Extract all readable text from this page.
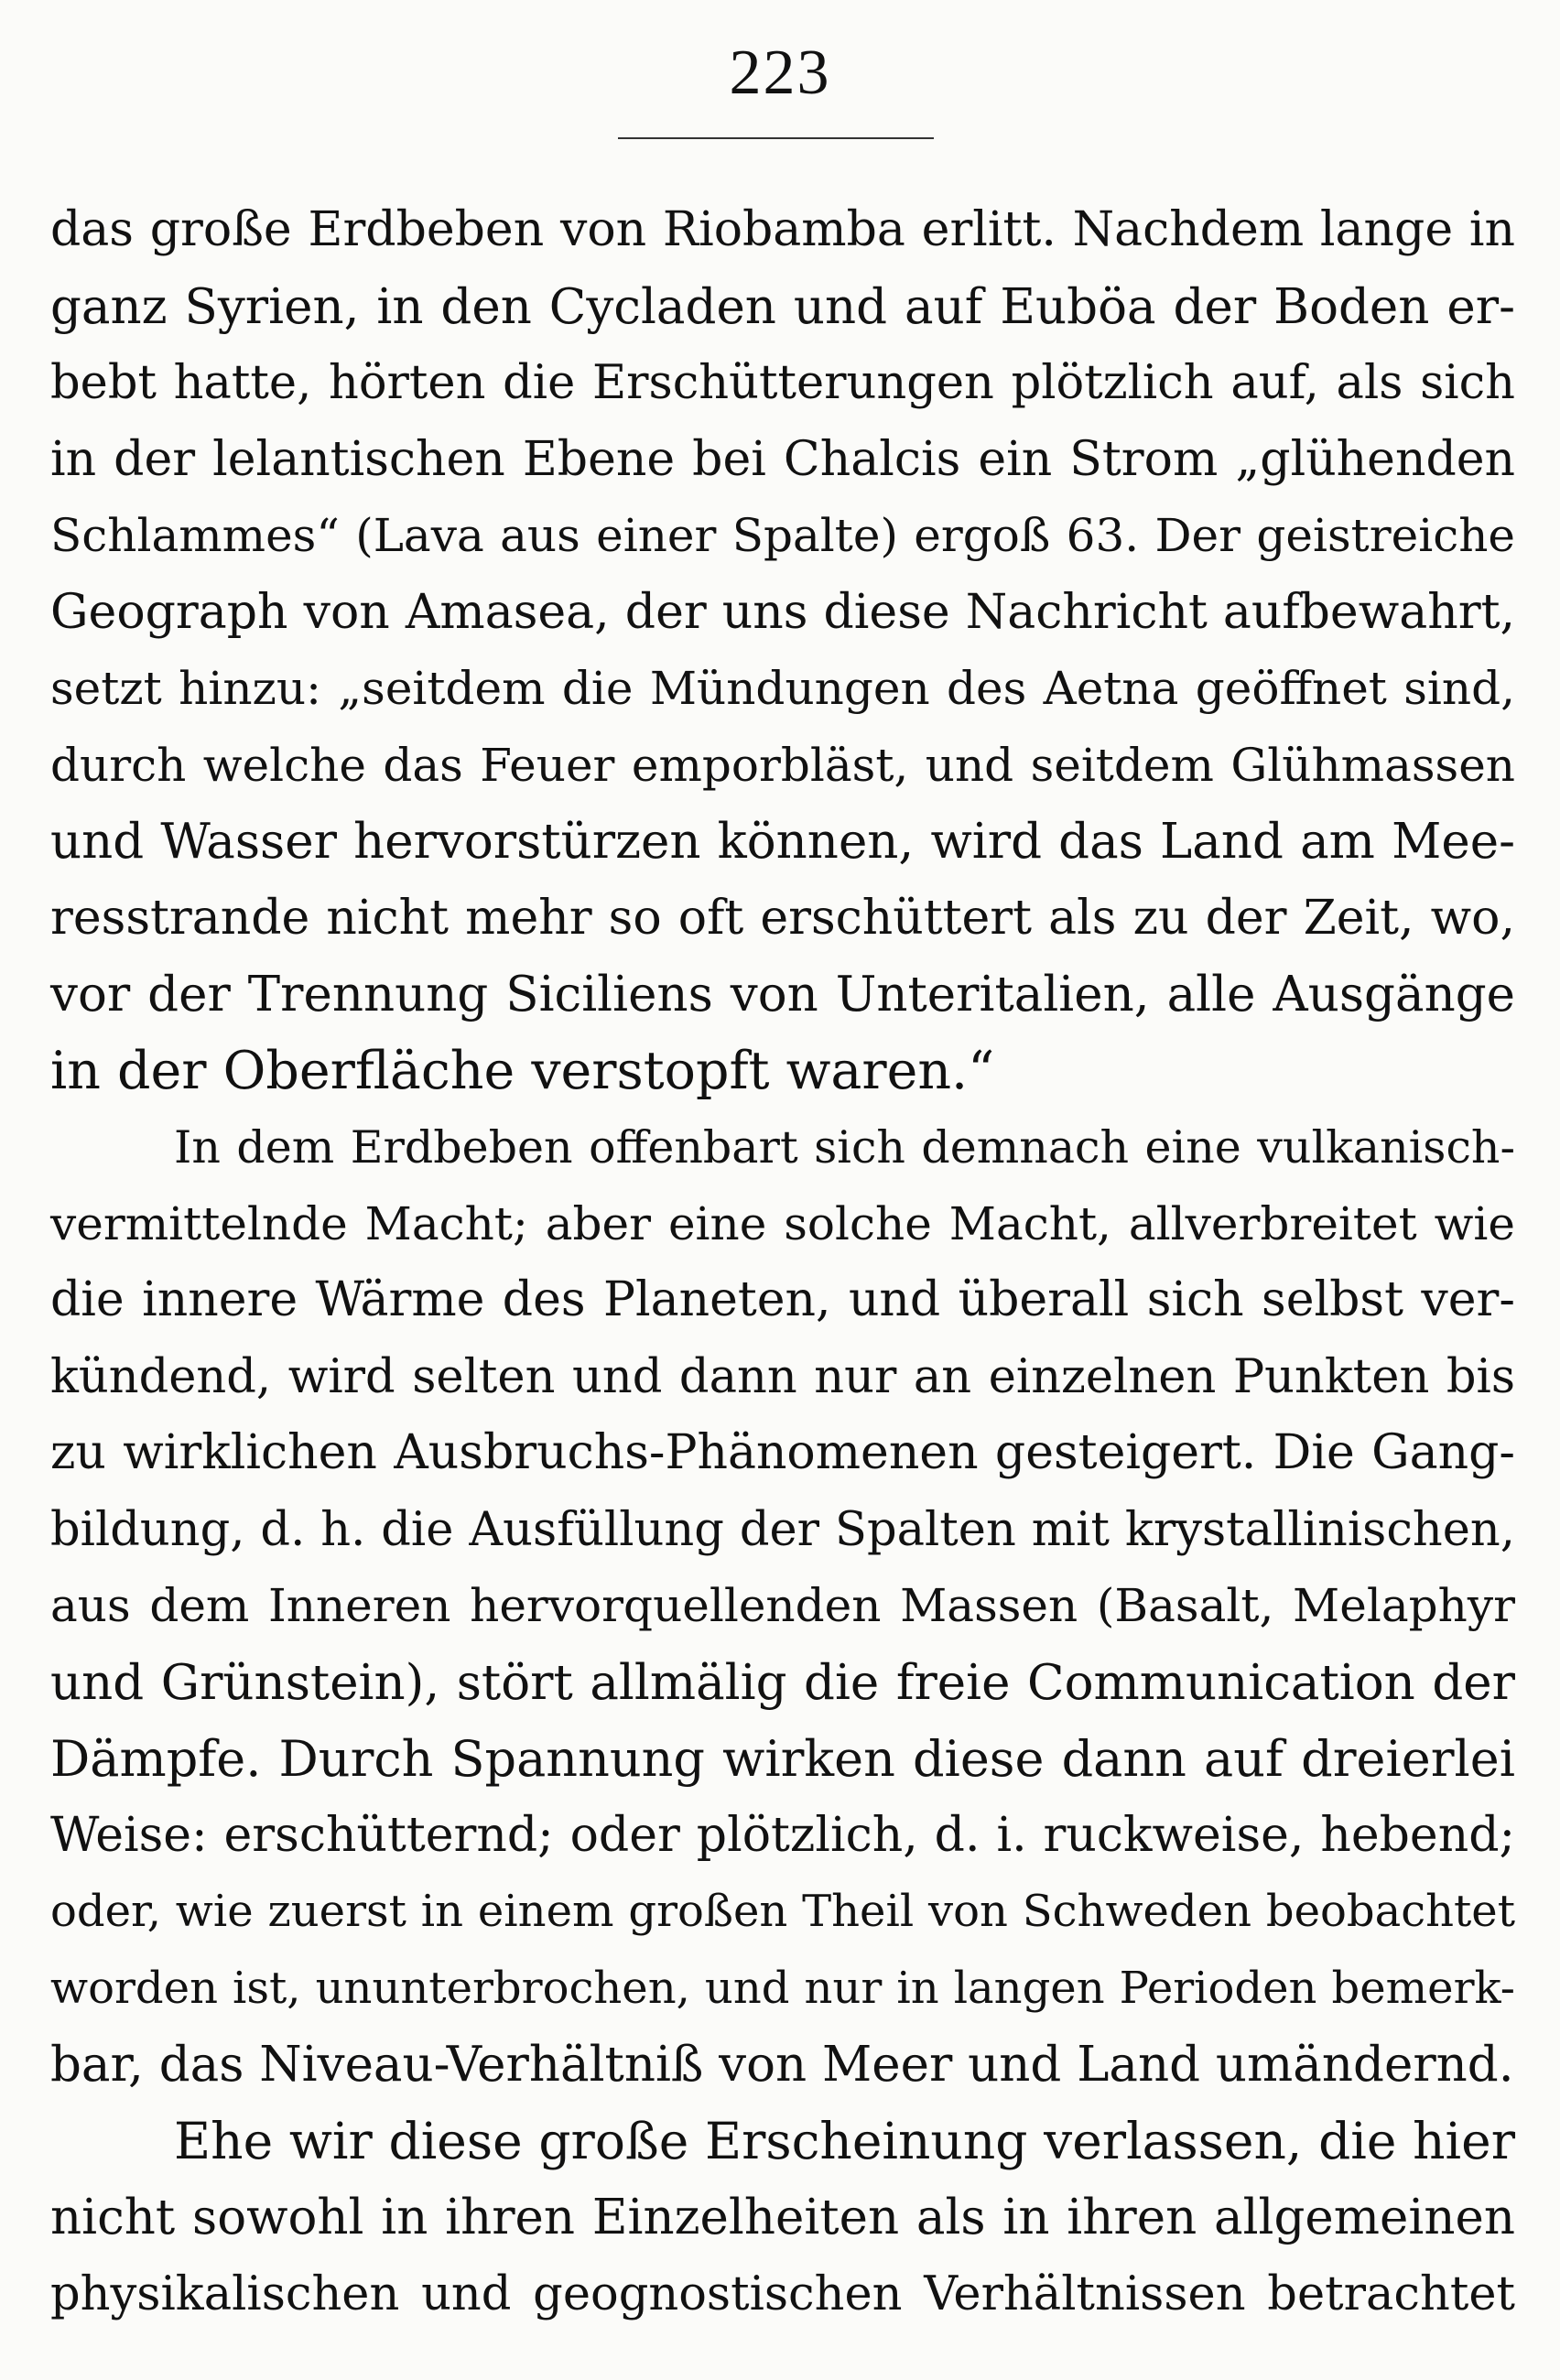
223
das große Erdbeben von Riobamba erlitt. Nachdem lange in
ganz Syrien, in den Cycladen und auf Euböa der Boden er-
bebt hatte, hörten die Erschütterungen plötzlich auf, als sich
in der lelantischen Ebene bei Chalcis ein Strom „glühenden
Schlammes“ (Lava aus einer Spalte) ergoß 63. Der geistreiche
Geograph von Amasea, der uns diese Nachricht aufbewahrt,
setzt hinzu: „seitdem die Mündungen des Aetna geöffnet sind,
durch welche das Feuer emporbläst, und seitdem Glühmassen
und Wasser hervorstürzen können, wird das Land am Mee-
resstrande nicht mehr so oft erschüttert als zu der Zeit, wo,
vor der Trennung Siciliens von Unteritalien, alle Ausgänge
in der Oberfläche verstopft waren.“
In dem Erdbeben offenbart sich demnach eine vulkanisch-
vermittelnde Macht; aber eine solche Macht, allverbreitet wie
die innere Wärme des Planeten, und überall sich selbst ver-
kündend, wird selten und dann nur an einzelnen Punkten bis
zu wirklichen Ausbruchs-Phänomenen gesteigert. Die Gang-
bildung, d. h. die Ausfüllung der Spalten mit krystallinischen,
aus dem Inneren hervorquellenden Massen (Basalt, Melaphyr
und Grünstein), stört allmälig die freie Communication der
Dämpfe. Durch Spannung wirken diese dann auf dreierlei
Weise: erschütternd; oder plötzlich, d. i. ruckweise, hebend;
oder, wie zuerst in einem großen Theil von Schweden beobachtet
worden ist, ununterbrochen, und nur in langen Perioden bemerk-
bar, das Niveau-Verhältniß von Meer und Land umändernd.
Ehe wir diese große Erscheinung verlassen, die hier
nicht sowohl in ihren Einzelheiten als in ihren allgemeinen
physikalischen und geognostischen Verhältnissen betrachtet
